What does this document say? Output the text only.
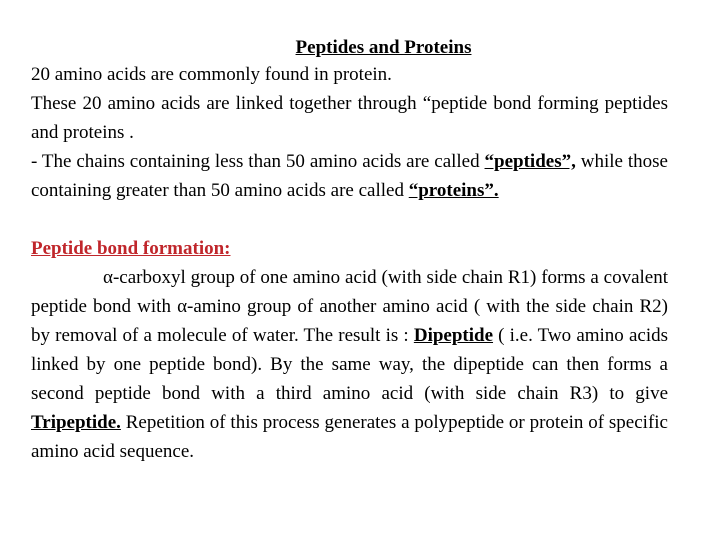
Peptides and Proteins

20 amino acids are commonly found in protein.

These 20 amino acids are linked together through “peptide bond forming peptides and proteins .

- The chains containing less than 50 amino acids are called “peptides”, while those containing greater than 50 amino acids are called “proteins”.

Peptide bond formation:

α-carboxyl group of one amino acid (with side chain R1) forms a covalent peptide bond with α-amino group of another amino acid ( with the side chain R2) by removal of a molecule of water. The result is : Dipeptide ( i.e. Two amino acids linked by one peptide bond). By the same way, the dipeptide can then forms a second peptide bond with a third amino acid (with side chain R3) to give Tripeptide. Repetition of this process generates a polypeptide or protein of specific amino acid sequence.
